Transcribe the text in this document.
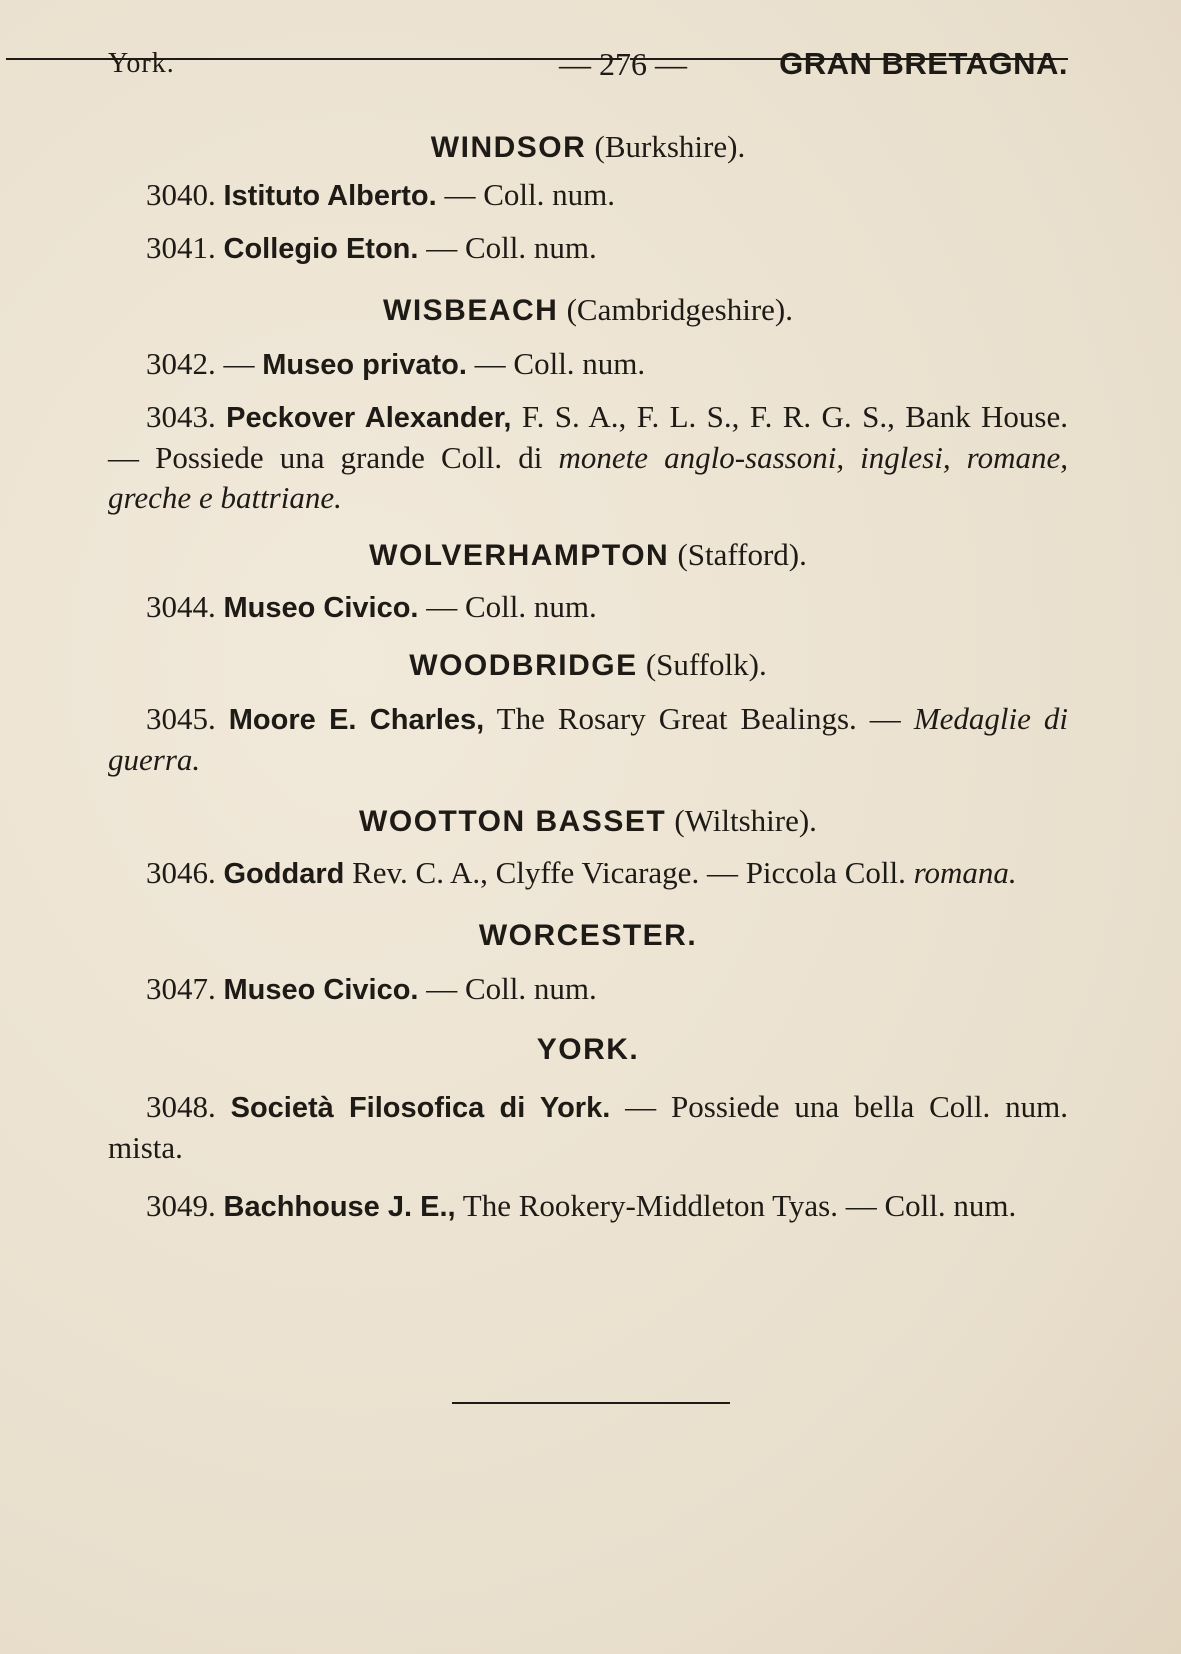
York.	— 276 —	GRAN BRETAGNA.

WINDSOR (Burkshire).

3040. Istituto Alberto. — Coll. num.

3041. Collegio Eton. — Coll. num.

WISBEACH (Cambridgeshire).

3042. — Museo privato. — Coll. num.

3043. Peckover Alexander, F. S. A., F. L. S., F. R. G. S., Bank House. — Possiede una grande Coll. di monete anglo-sassoni, inglesi, romane, greche e battriane.

WOLVERHAMPTON (Stafford).

3044. Museo Civico. — Coll. num.

WOODBRIDGE (Suffolk).

3045. Moore E. Charles, The Rosary Great Bealings. — Medaglie di guerra.

WOOTTON BASSET (Wiltshire).

3046. Goddard Rev. C. A., Clyffe Vicarage. — Piccola Coll. romana.

WORCESTER.

3047. Museo Civico. — Coll. num.

YORK.

3048. Società Filosofica di York. — Possiede una bella Coll. num. mista.

3049. Bachhouse J. E., The Rookery-Middleton Tyas. — Coll. num.
